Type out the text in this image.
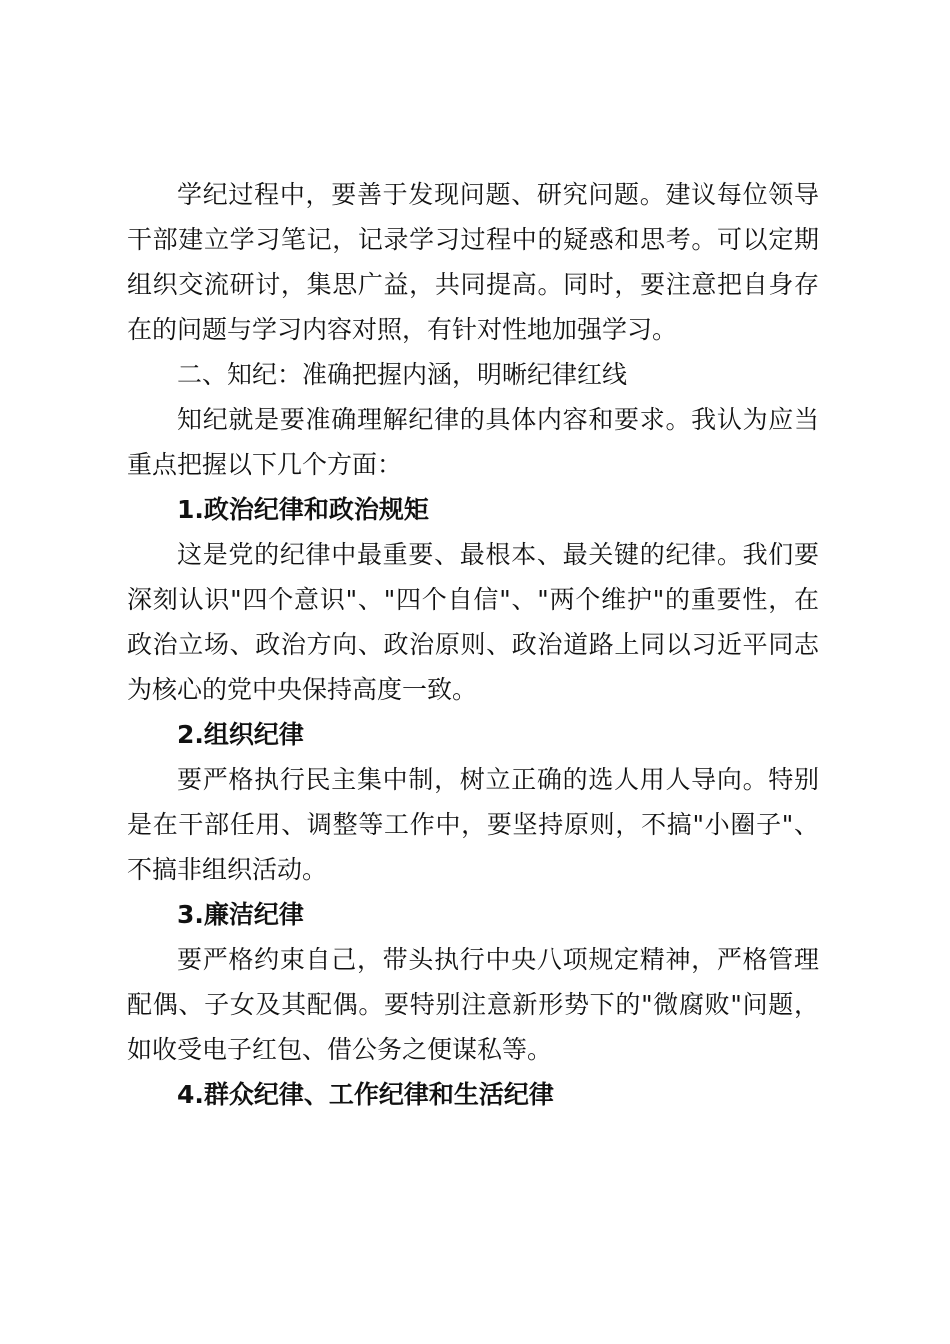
学纪过程中，要善于发现问题、研究问题。建议每位领导干部建立学习笔记，记录学习过程中的疑惑和思考。可以定期组织交流研讨，集思广益，共同提高。同时，要注意把自身存在的问题与学习内容对照，有针对性地加强学习。

二、知纪：准确把握内涵，明晰纪律红线

知纪就是要准确理解纪律的具体内容和要求。我认为应当重点把握以下几个方面：

1.政治纪律和政治规矩

这是党的纪律中最重要、最根本、最关键的纪律。我们要深刻认识"四个意识"、"四个自信"、"两个维护"的重要性，在政治立场、政治方向、政治原则、政治道路上同以习近平同志为核心的党中央保持高度一致。

2.组织纪律

要严格执行民主集中制，树立正确的选人用人导向。特别是在干部任用、调整等工作中，要坚持原则，不搞"小圈子"、不搞非组织活动。

3.廉洁纪律

要严格约束自己，带头执行中央八项规定精神，严格管理配偶、子女及其配偶。要特别注意新形势下的"微腐败"问题，如收受电子红包、借公务之便谋私等。

4.群众纪律、工作纪律和生活纪律
